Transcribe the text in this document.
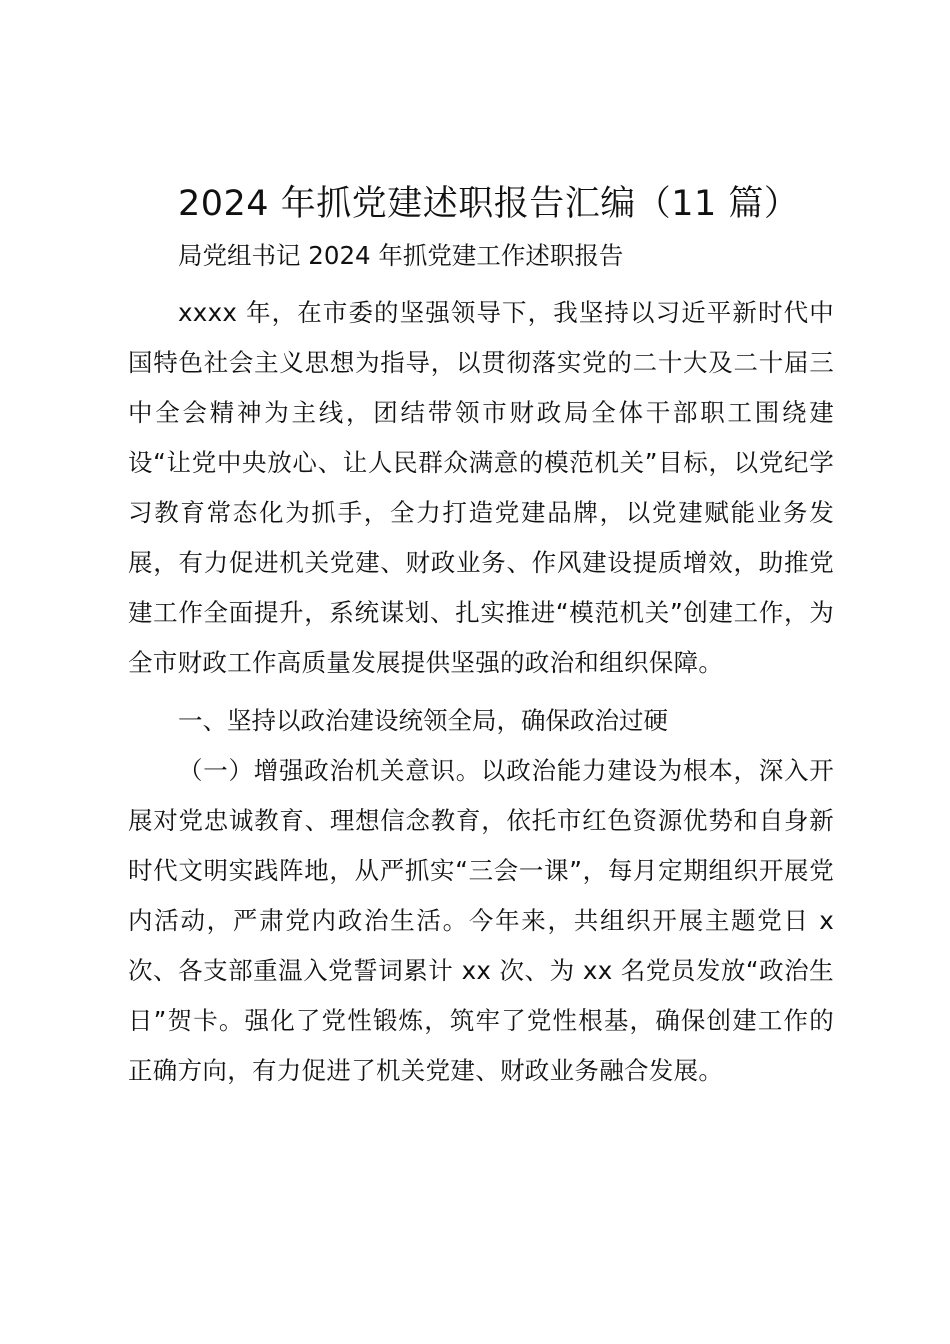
2024 年抓党建述职报告汇编（11 篇）

局党组书记 2024 年抓党建工作述职报告

xxxx 年，在市委的坚强领导下，我坚持以习近平新时代中国特色社会主义思想为指导，以贯彻落实党的二十大及二十届三中全会精神为主线，团结带领市财政局全体干部职工围绕建设“让党中央放心、让人民群众满意的模范机关”目标，以党纪学习教育常态化为抓手，全力打造党建品牌，以党建赋能业务发展，有力促进机关党建、财政业务、作风建设提质增效，助推党建工作全面提升，系统谋划、扎实推进“模范机关”创建工作，为全市财政工作高质量发展提供坚强的政治和组织保障。

一、坚持以政治建设统领全局，确保政治过硬

（一）增强政治机关意识。以政治能力建设为根本，深入开展对党忠诚教育、理想信念教育，依托市红色资源优势和自身新时代文明实践阵地，从严抓实“三会一课”，每月定期组织开展党内活动，严肃党内政治生活。今年来，共组织开展主题党日 x 次、各支部重温入党誓词累计 xx 次、为 xx 名党员发放“政治生日”贺卡。强化了党性锻炼，筑牢了党性根基，确保创建工作的正确方向，有力促进了机关党建、财政业务融合发展。
